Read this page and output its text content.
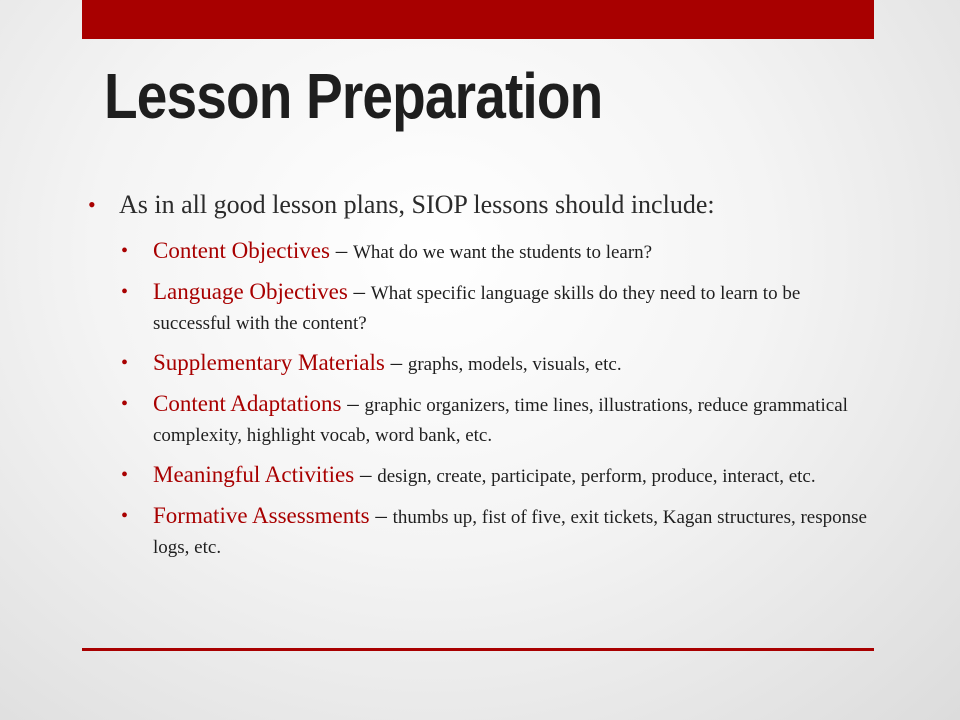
Lesson Preparation
• As in all good lesson plans, SIOP lessons should include:
• Content Objectives – What do we want the students to learn?
• Language Objectives – What specific language skills do they need to learn to be successful with the content?
• Supplementary Materials – graphs, models, visuals, etc.
• Content Adaptations – graphic organizers, time lines, illustrations, reduce grammatical complexity, highlight vocab, word bank, etc.
• Meaningful Activities – design, create, participate, perform, produce, interact, etc.
• Formative Assessments – thumbs up, fist of five, exit tickets, Kagan structures, response logs, etc.
